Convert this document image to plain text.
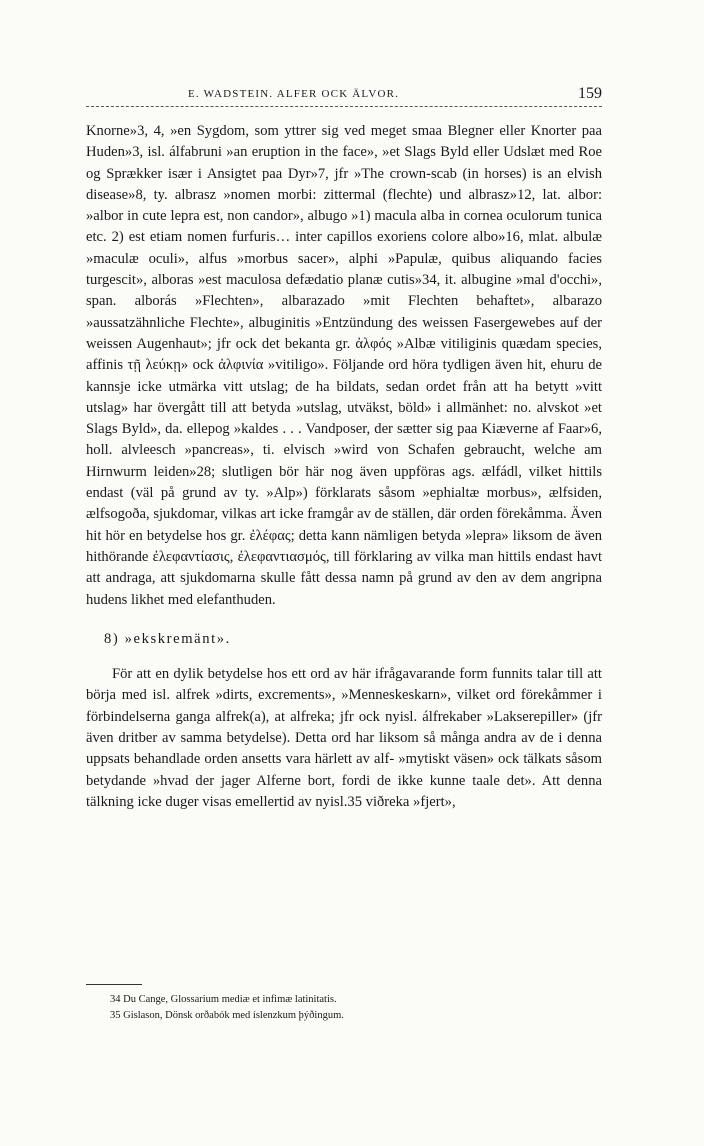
E. WADSTEIN. ALFER OCK ÄLVOR.	159

Knorne»3, 4, »en Sygdom, som yttrer sig ved meget smaa Blegner eller Knorter paa Huden»3, isl. álfabruni »an eruption in the face», »et Slags Byld eller Udslæt med Roe og Sprækker især i Ansigtet paa Dyr»7, jfr »The crown-scab (in horses) is an elvish disease»8, ty. albrasz »nomen morbi: zittermal (flechte) und albrasz»12, lat. albor: »albor in cute lepra est, non candor», albugo »1) macula alba in cornea oculorum tunica etc. 2) est etiam nomen furfuris… inter capillos exoriens colore albo»16, mlat. albulæ »maculæ oculi», alfus »morbus sacer», alphi »Papulæ, quibus aliquando facies turgescit», alboras »est maculosa defædatio planæ cutis»34, it. albugine »mal d'occhi», span. alborás »Flechten», albarazado »mit Flechten behaftet», albarazo »aussatzähnliche Flechte», albuginitis »Entzündung des weissen Fasergewebes auf der weissen Augenhaut»; jfr ock det bekanta gr. ἀλφός »Albæ vitiliginis quædam species, affinis τῇ λεύκῃ» ock ἀλφινία »vitiligo». Följande ord höra tydligen även hit, ehuru de kannsje icke utmärka vitt utslag; de ha bildats, sedan ordet från att ha betytt »vitt utslag» har övergått till att betyda »utslag, utväkst, böld» i allmänhet: no. alvskot »et Slags Byld», da. ellepog »kaldes . . . Vandposer, der sætter sig paa Kiæverne af Faar»6, holl. alvleesch »pancreas», ti. elvisch »wird von Schafen gebraucht, welche am Hirnwurm leiden»28; slutligen bör här nog även uppföras ags. ælfádl, vilket hittils endast (väl på grund av ty. »Alp») förklarats såsom »ephialtæ morbus», ælfsiden, ælfsogoða, sjukdomar, vilkas art icke framgår av de ställen, där orden förekåmma. Även hit hör en betydelse hos gr. ἐλέφας; detta kann nämligen betyda »lepra» liksom de även hithörande ἐλεφαντίασις, ἐλεφαντιασμός, till förklaring av vilka man hittils endast havt att andraga, att sjukdomarna skulle fått dessa namn på grund av den av dem angripna hudens likhet med elefanthuden.

8) »ekskremänt».

För att en dylik betydelse hos ett ord av här ifrågavarande form funnits talar till att börja med isl. alfrek »dirts, excrements», »Menneskeskarn», vilket ord förekåmmer i förbindelserna ganga alfrek(a), at alfreka; jfr ock nyisl. álfrekaber »Lakserepiller» (jfr även dritber av samma betydelse). Detta ord har liksom så många andra av de i denna uppsats behandlade orden ansetts vara härlett av alf- »mytiskt väsen» ock tälkats såsom betydande »hvad der jager Alferne bort, fordi de ikke kunne taale det». Att denna tälkning icke duger visas emellertid av nyisl.35 viðreka »fjert»,

34 Du Cange, Glossarium mediæ et infimæ latinitatis.

35 Gislason, Dönsk orðabók med íslenzkum þýðingum.
